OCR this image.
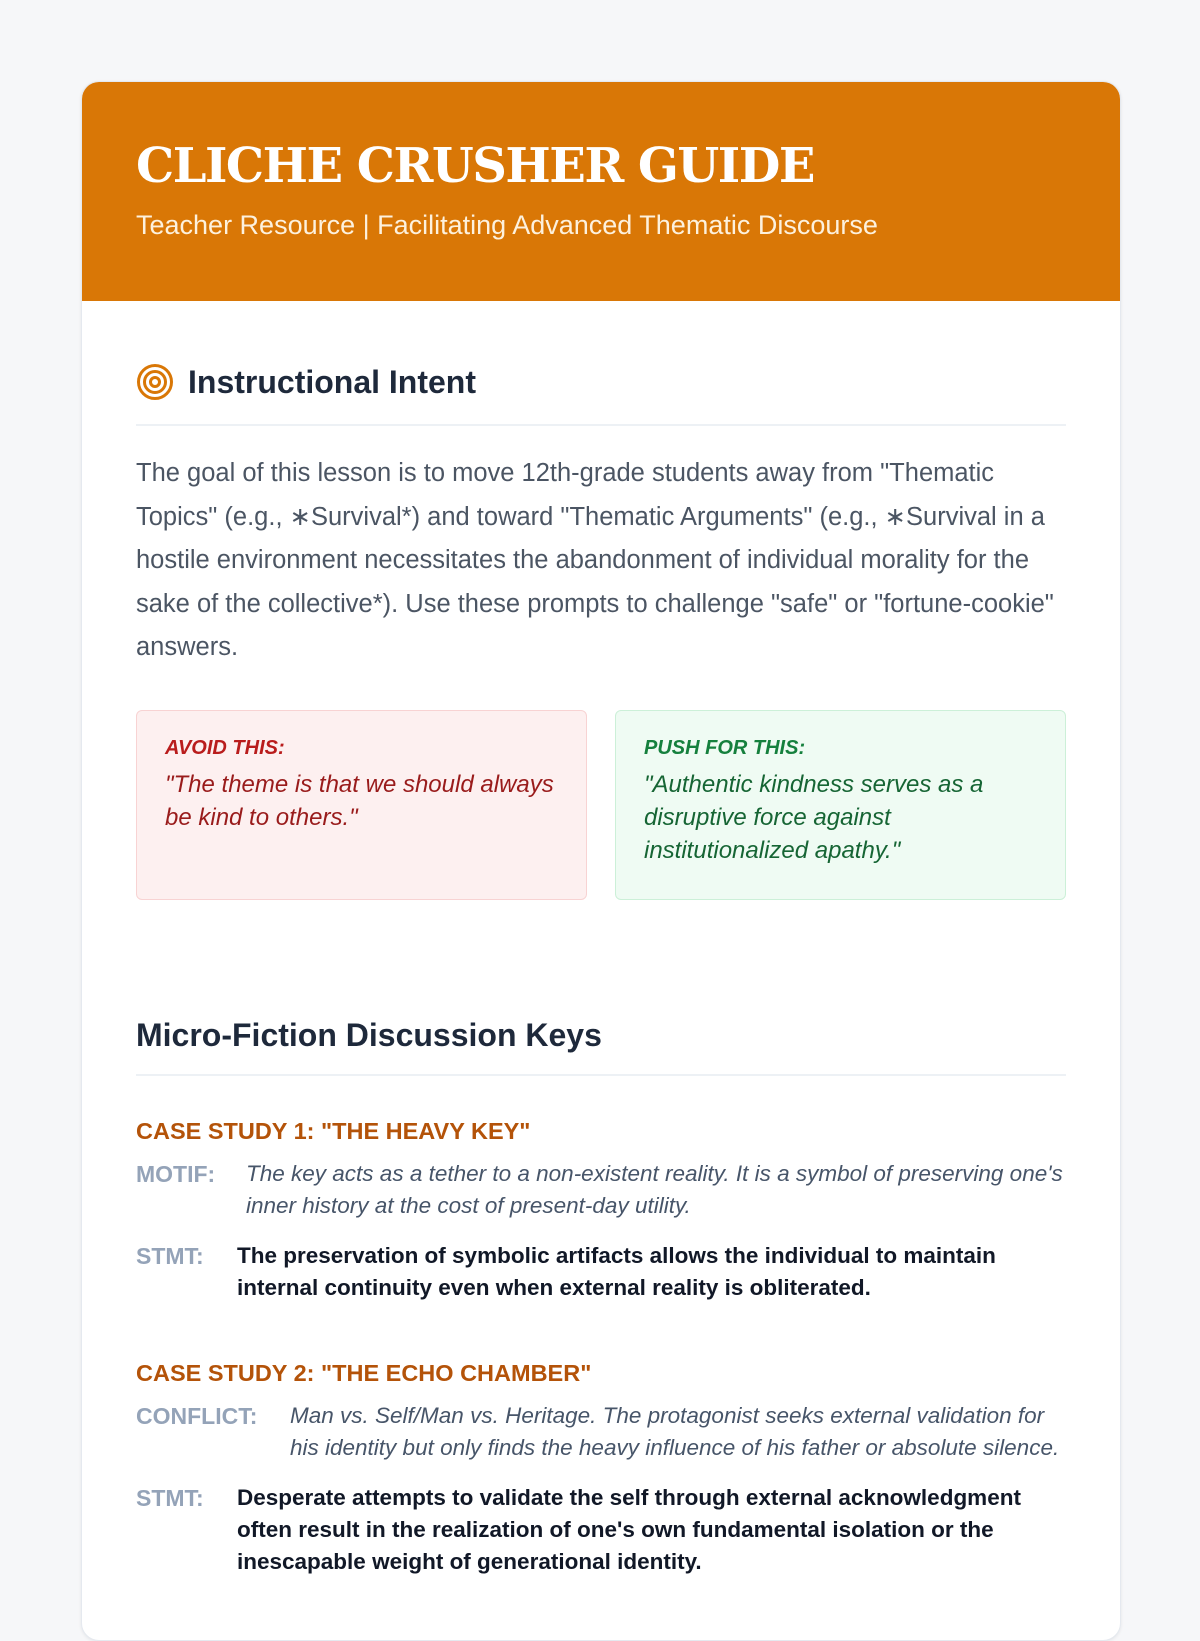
CLICHE CRUSHER GUIDE
Teacher Resource | Facilitating Advanced Thematic Discourse
Instructional Intent

The goal of this lesson is to move 12th-grade students away from "Thematic Topics" (e.g., ∗Survival*) and toward "Thematic Arguments" (e.g., ∗Survival in a hostile environment necessitates the abandonment of individual morality for the sake of the collective*). Use these prompts to challenge "safe" or "fortune-cookie" answers.

AVOID THIS:
"The theme is that we should always be kind to others."
PUSH FOR THIS:
"Authentic kindness serves as a disruptive force against institutionalized apathy."
Micro-Fiction Discussion Keys
CASE STUDY 1: "THE HEAVY KEY"
MOTIF:	The key acts as a tether to a non-existent reality. It is a symbol of preserving one's inner history at the cost of present-day utility.
STMT:	The preservation of symbolic artifacts allows the individual to maintain internal continuity even when external reality is obliterated.
CASE STUDY 2: "THE ECHO CHAMBER"
CONFLICT:	Man vs. Self/Man vs. Heritage. The protagonist seeks external validation for his identity but only finds the heavy influence of his father or absolute silence.
STMT:	Desperate attempts to validate the self through external acknowledgment often result in the realization of one's own fundamental isolation or the inescapable weight of generational identity.
